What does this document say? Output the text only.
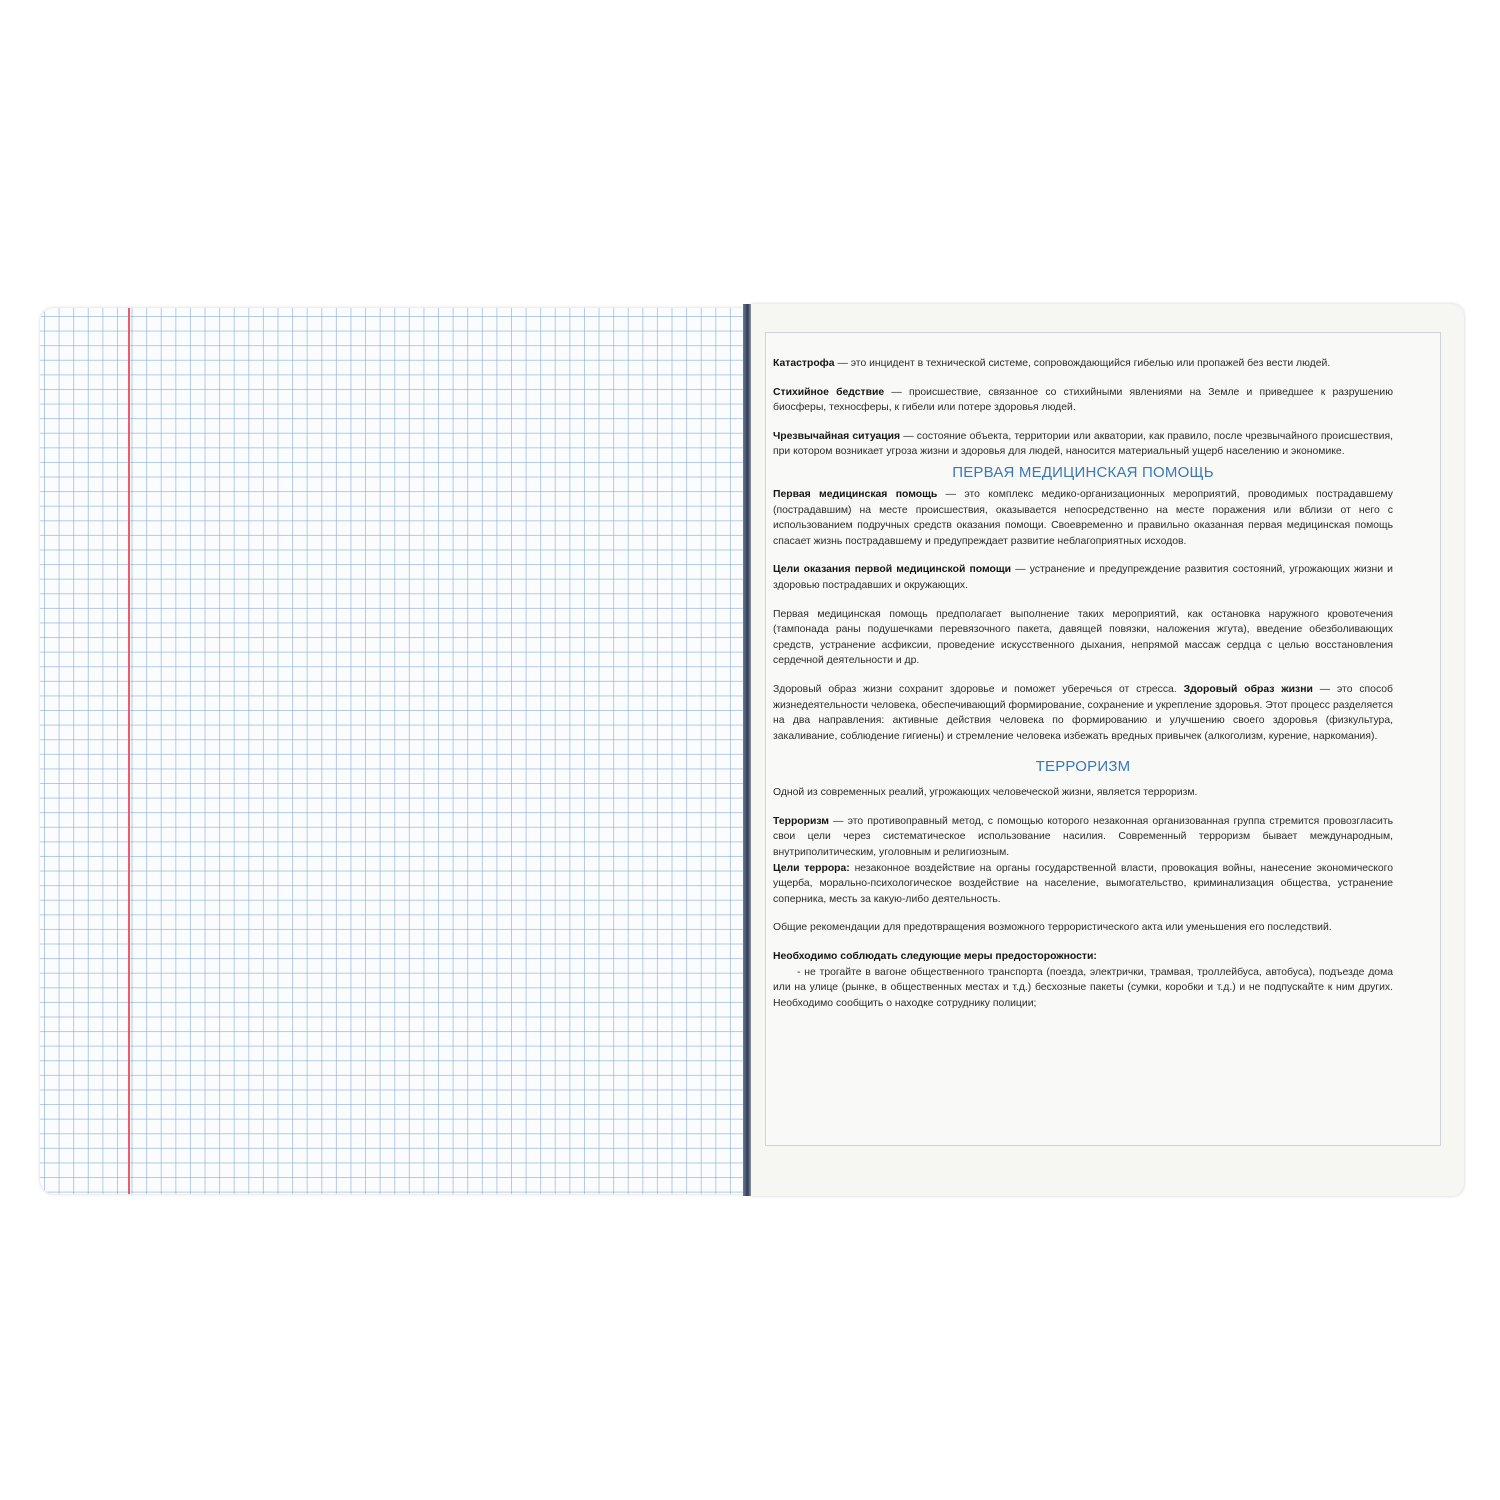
Катастрофа — это инцидент в технической системе, сопровождающийся гибелью или пропажей без вести людей.

Стихийное бедствие — происшествие, связанное со стихийными явлениями на Земле и приведшее к разрушению биосферы, техносферы, к гибели или потере здоровья людей.

Чрезвычайная ситуация — состояние объекта, территории или акватории, как правило, после чрезвычайного происшествия, при котором возникает угроза жизни и здоровья для людей, наносится материальный ущерб населению и экономике.

ПЕРВАЯ МЕДИЦИНСКАЯ ПОМОЩЬ

Первая медицинская помощь — это комплекс медико-организационных мероприятий, проводимых пострадавшему (пострадавшим) на месте происшествия, оказывается непосредственно на месте поражения или вблизи от него с использованием подручных средств оказания помощи. Своевременно и правильно оказанная первая медицинская помощь спасает жизнь пострадавшему и предупреждает развитие неблагоприятных исходов.

Цели оказания первой медицинской помощи — устранение и предупреждение развития состояний, угрожающих жизни и здоровью пострадавших и окружающих.

Первая медицинская помощь предполагает выполнение таких мероприятий, как остановка наружного кровотечения (тампонада раны подушечками перевязочного пакета, давящей повязки, наложения жгута), введение обезболивающих средств, устранение асфиксии, проведение искусственного дыхания, непрямой массаж сердца с целью восстановления сердечной деятельности и др.

Здоровый образ жизни сохранит здоровье и поможет уберечься от стресса. Здоровый образ жизни — это способ жизнедеятельности человека, обеспечивающий формирование, сохранение и укрепление здоровья. Этот процесс разделяется на два направления: активные действия человека по формированию и улучшению своего здоровья (физкультура, закаливание, соблюдение гигиены) и стремление человека избежать вредных привычек (алкоголизм, курение, наркомания).

ТЕРРОРИЗМ

Одной из современных реалий, угрожающих человеческой жизни, является терроризм.

Терроризм — это противоправный метод, с помощью которого незаконная организованная группа стремится провозгласить свои цели через систематическое использование насилия. Современный терроризм бывает международным, внутриполитическим, уголовным и религиозным.

Цели террора: незаконное воздействие на органы государственной власти, провокация войны, нанесение экономического ущерба, морально-психологическое воздействие на население, вымогательство, криминализация общества, устранение соперника, месть за какую-либо деятельность.

Общие рекомендации для предотвращения возможного террористического акта или уменьшения его последствий.

Необходимо соблюдать следующие меры предосторожности:

- не трогайте в вагоне общественного транспорта (поезда, электрички, трамвая, троллейбуса, автобуса), подъезде дома или на улице (рынке, в общественных местах и т.д.) бесхозные пакеты (сумки, коробки и т.д.) и не подпускайте к ним других. Необходимо сообщить о находке сотруднику полиции;
